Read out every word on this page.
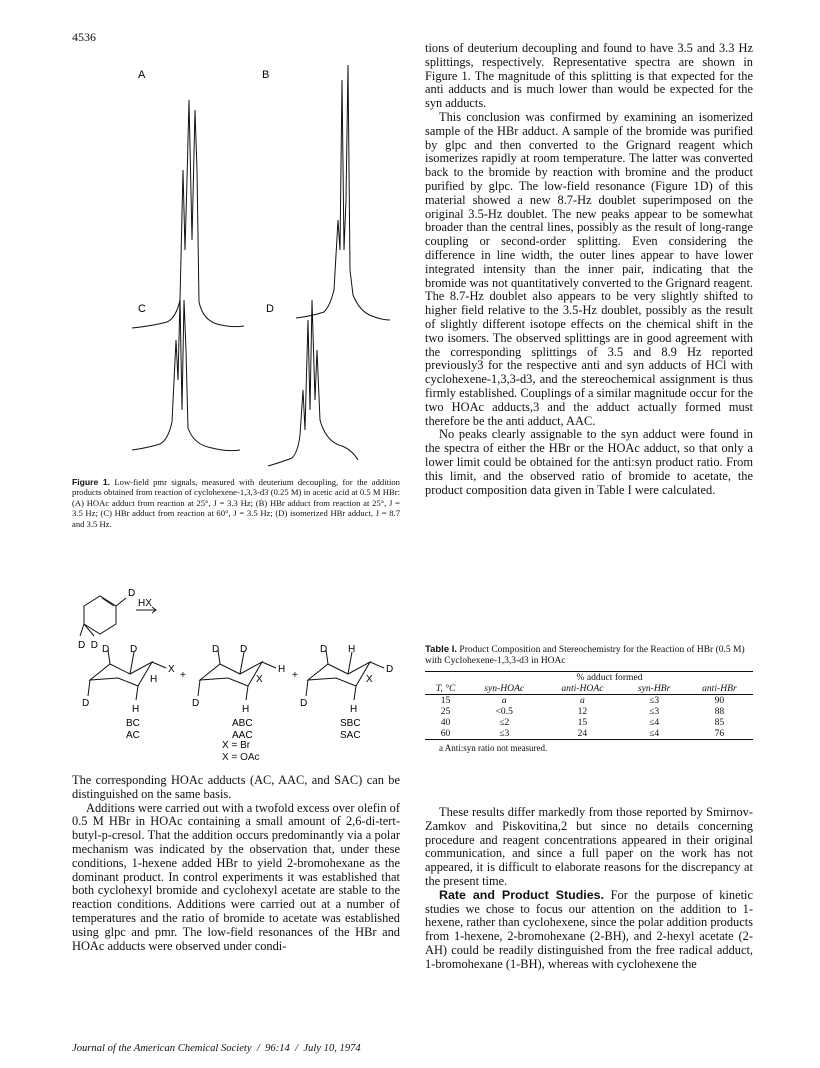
4536
A	B
C	D
Figure 1. Low-field pmr signals, measured with deuterium decoupling, for the addition products obtained from reaction of cyclohexene-1,3,3-d3 (0.25 M) in acetic acid at 0.5 M HBr: (A) HOAc adduct from reaction at 25°, J = 3.3 Hz; (B) HBr adduct from reaction at 25°, J = 3.5 Hz; (C) HBr adduct from reaction at 60°, J = 3.5 Hz; (D) isomerized HBr adduct, J = 8.7 and 3.5 Hz.
D
HX
D  D D D
X
H
D
H
BC
AC
+
D D
H
X
D
H
ABC
AAC
+
D H
D
X
D
H
SBC
SAC
X = Br
X = OAc

The corresponding HOAc adducts (AC, AAC, and SAC) can be distinguished on the same basis.

Additions were carried out with a twofold excess over olefin of 0.5 M HBr in HOAc containing a small amount of 2,6-di-tert-butyl-p-cresol. That the addition occurs predominantly via a polar mechanism was indicated by the observation that, under these conditions, 1-hexene added HBr to yield 2-bromohexane as the dominant product. In control experiments it was established that both cyclohexyl bromide and cyclohexyl acetate are stable to the reaction conditions. Additions were carried out at a number of temperatures and the ratio of bromide to acetate was established using glpc and pmr. The low-field resonances of the HBr and HOAc adducts were observed under condi-

tions of deuterium decoupling and found to have 3.5 and 3.3 Hz splittings, respectively. Representative spectra are shown in Figure 1. The magnitude of this splitting is that expected for the anti adducts and is much lower than would be expected for the syn adducts.

This conclusion was confirmed by examining an isomerized sample of the HBr adduct. A sample of the bromide was purified by glpc and then converted to the Grignard reagent which isomerizes rapidly at room temperature. The latter was converted back to the bromide by reaction with bromine and the product purified by glpc. The low-field resonance (Figure 1D) of this material showed a new 8.7-Hz doublet superimposed on the original 3.5-Hz doublet. The new peaks appear to be somewhat broader than the central lines, possibly as the result of long-range coupling or second-order splitting. Even considering the difference in line width, the outer lines appear to have lower integrated intensity than the inner pair, indicating that the bromide was not quantitatively converted to the Grignard reagent. The 8.7-Hz doublet also appears to be very slightly shifted to higher field relative to the 3.5-Hz doublet, possibly as the result of slightly different isotope effects on the chemical shift in the two isomers. The observed splittings are in good agreement with the corresponding splittings of 3.5 and 8.9 Hz reported previously3 for the respective anti and syn adducts of HCl with cyclohexene-1,3,3-d3, and the stereochemical assignment is thus firmly established. Couplings of a similar magnitude occur for the two HOAc adducts,3 and the adduct actually formed must therefore be the anti adduct, AAC.

No peaks clearly assignable to the syn adduct were found in the spectra of either the HBr or the HOAc adduct, so that only a lower limit could be obtained for the anti:syn product ratio. From this limit, and the observed ratio of bromide to acetate, the product composition data given in Table I were calculated.

Table I. Product Composition and Stereochemistry for the Reaction of HBr (0.5 M) with Cyclohexene-1,3,3-d3 in HOAc
	% adduct formed			
T, °C	syn-HOAc	anti-HOAc	syn-HBr	anti-HBr
15	a	a	≤3	90
25	<0.5	12	≤3	88
40	≤2	15	≤4	85
60	≤3	24	≤4	76
a Anti:syn ratio not measured.

These results differ markedly from those reported by Smirnov-Zamkov and Piskovitina,2 but since no details concerning procedure and reagent concentrations appeared in their original communication, and since a full paper on the work has not appeared, it is difficult to elaborate reasons for the discrepancy at the present time.

Rate and Product Studies. For the purpose of kinetic studies we chose to focus our attention on the addition to 1-hexene, rather than cyclohexene, since the polar addition products from 1-hexene, 2-bromohexane (2-BH), and 2-hexyl acetate (2-AH) could be readily distinguished from the free radical adduct, 1-bromohexane (1-BH), whereas with cyclohexene the

Journal of the American Chemical Society  /  96:14  /  July 10, 1974
